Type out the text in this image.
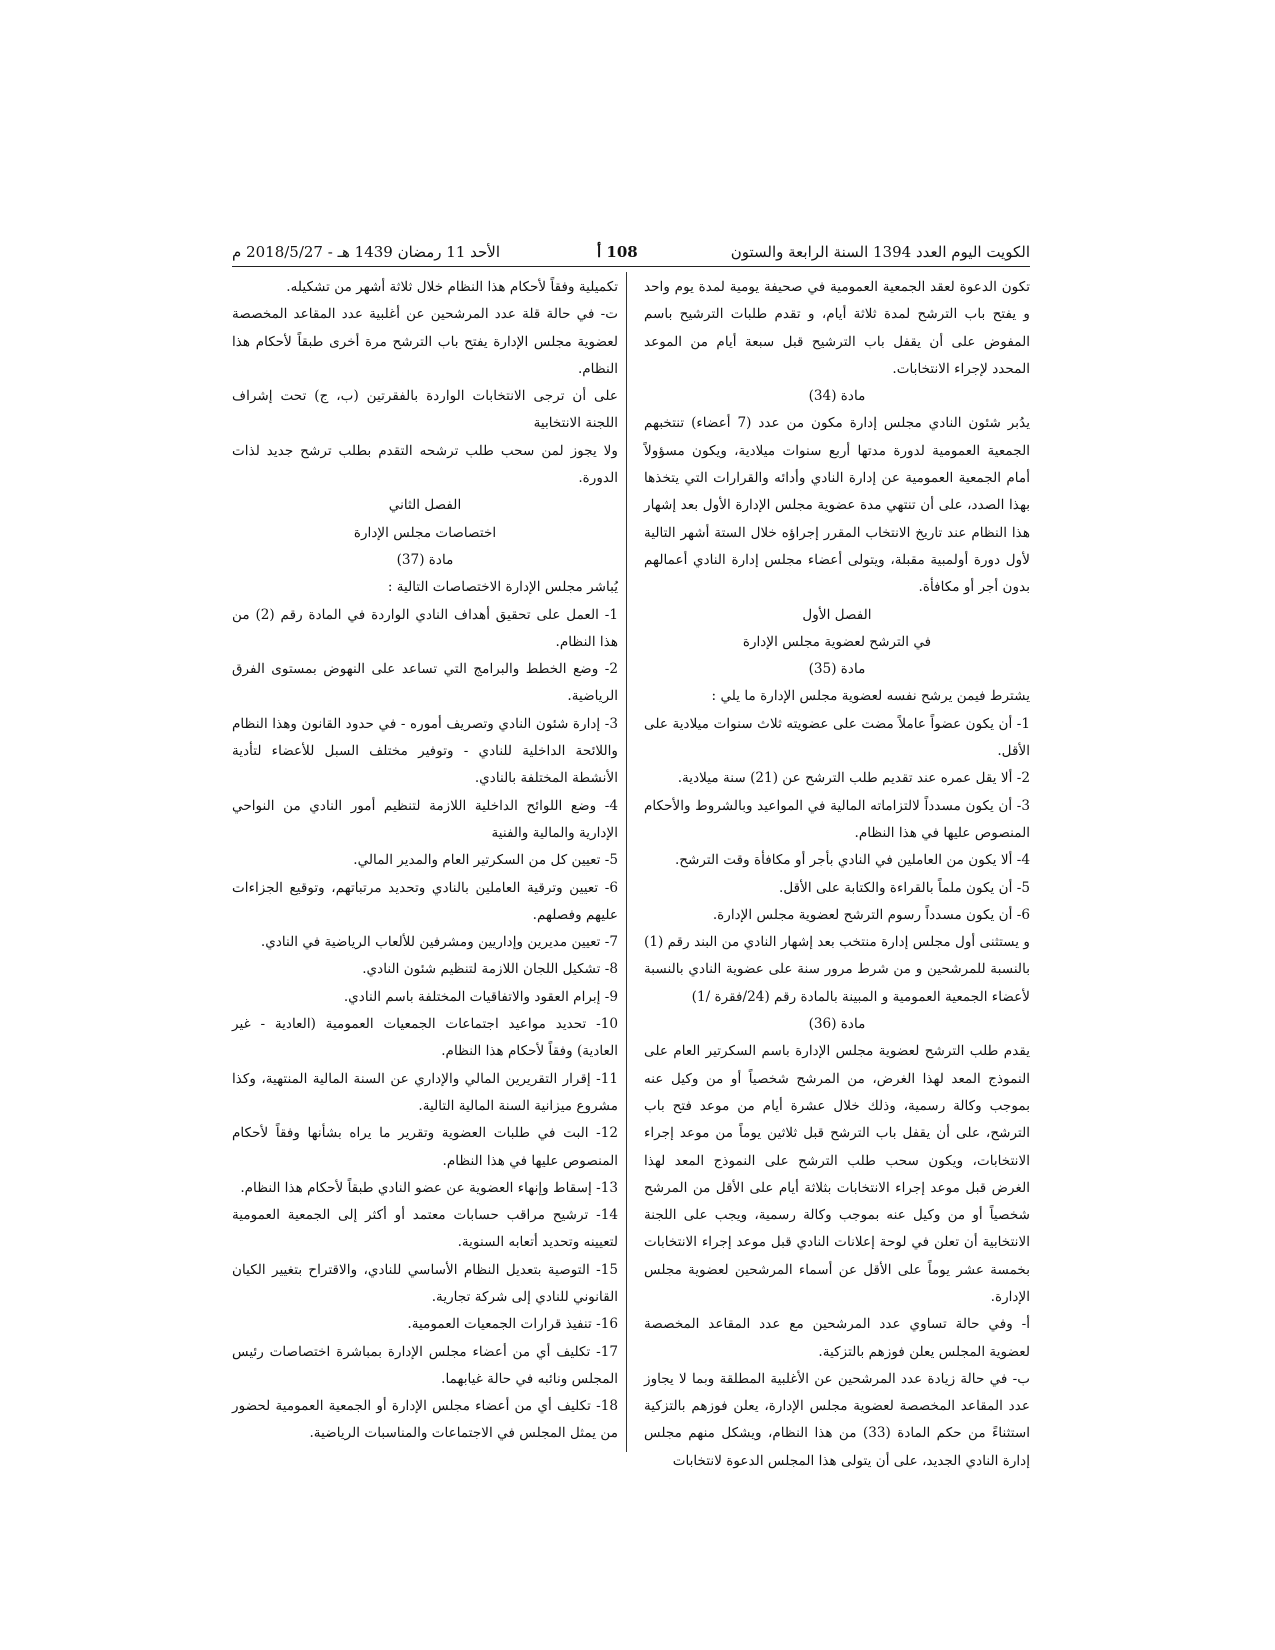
الكويت اليوم العدد 1394 السنة الرابعة والستون
108 أ
الأحد 11 رمضان 1439 هـ - 2018/5/27 م

تكون الدعوة لعقد الجمعية العمومية في صحيفة يومية لمدة يوم واحد و يفتح باب الترشح لمدة ثلاثة أيام، و تقدم طلبات الترشيح باسم المفوض على أن يقفل باب الترشيح قبل سبعة أيام من الموعد المحدد لإجراء الانتخابات.

مادة (34)

يدُبر شئون النادي مجلس إدارة مكون من عدد (7 أعضاء) تنتخبهم الجمعية العمومية لدورة مدتها أربع سنوات ميلادية، ويكون مسؤولاً أمام الجمعية العمومية عن إدارة النادي وأدائه والقرارات التي يتخذها بهذا الصدد، على أن تنتهي مدة عضوية مجلس الإدارة الأول بعد إشهار هذا النظام عند تاريخ الانتخاب المقرر إجراؤه خلال الستة أشهر التالية لأول دورة أولمبية مقبلة، ويتولى أعضاء مجلس إدارة النادي أعمالهم بدون أجر أو مكافأة.

الفصل الأول

في الترشح لعضوية مجلس الإدارة

مادة (35)

يشترط فيمن يرشح نفسه لعضوية مجلس الإدارة ما يلي :

1- أن يكون عضواً عاملاً مضت على عضويته ثلاث سنوات ميلادية على الأقل.

2- ألا يقل عمره عند تقديم طلب الترشح عن (21) سنة ميلادية.

3- أن يكون مسدداً لالتزاماته المالية في المواعيد وبالشروط والأحكام المنصوص عليها في هذا النظام.

4- ألا يكون من العاملين في النادي بأجر أو مكافأة وقت الترشح.

5- أن يكون ملماً بالقراءة والكتابة على الأقل.

6- أن يكون مسدداً رسوم الترشح لعضوية مجلس الإدارة.

و يستثنى أول مجلس إدارة منتخب بعد إشهار النادي من البند رقم (1) بالنسبة للمرشحين و من شرط مرور سنة على عضوية النادي بالنسبة لأعضاء الجمعية العمومية و المبينة بالمادة رقم (24/فقرة /1)

مادة (36)

يقدم طلب الترشح لعضوية مجلس الإدارة باسم السكرتير العام على النموذج المعد لهذا الغرض، من المرشح شخصياً أو من وكيل عنه بموجب وكالة رسمية، وذلك خلال عشرة أيام من موعد فتح باب الترشح، على أن يقفل باب الترشح قبل ثلاثين يوماً من موعد إجراء الانتخابات، ويكون سحب طلب الترشح على النموذج المعد لهذا الغرض قبل موعد إجراء الانتخابات بثلاثة أيام على الأقل من المرشح شخصياً أو من وكيل عنه بموجب وكالة رسمية، ويجب على اللجنة الانتخابية أن تعلن في لوحة إعلانات النادي قبل موعد إجراء الانتخابات بخمسة عشر يوماً على الأقل عن أسماء المرشحين لعضوية مجلس الإدارة.

أ- وفي حالة تساوي عدد المرشحين مع عدد المقاعد المخصصة لعضوية المجلس يعلن فوزهم بالتزكية.

ب- في حالة زيادة عدد المرشحين عن الأغلبية المطلقة وبما لا يجاوز عدد المقاعد المخصصة لعضوية مجلس الإدارة، يعلن فوزهم بالتزكية استثناءً من حكم المادة (33) من هذا النظام، ويشكل منهم مجلس إدارة النادي الجديد، على أن يتولى هذا المجلس الدعوة لانتخابات

تكميلية وفقاً لأحكام هذا النظام خلال ثلاثة أشهر من تشكيله.

ت- في حالة قلة عدد المرشحين عن أغلبية عدد المقاعد المخصصة لعضوية مجلس الإدارة يفتح باب الترشح مرة أخرى طبقاً لأحكام هذا النظام.

على أن ترجى الانتخابات الواردة بالفقرتين (ب، ج) تحت إشراف اللجنة الانتخابية

ولا يجوز لمن سحب طلب ترشحه التقدم بطلب ترشح جديد لذات الدورة.

الفصل الثاني

اختصاصات مجلس الإدارة

مادة (37)

يُباشر مجلس الإدارة الاختصاصات التالية :

1- العمل على تحقيق أهداف النادي الواردة في المادة رقم (2) من هذا النظام.

2- وضع الخطط والبرامج التي تساعد على النهوض بمستوى الفرق الرياضية.

3- إدارة شئون النادي وتصريف أموره - في حدود القانون وهذا النظام واللائحة الداخلية للنادي - وتوفير مختلف السبل للأعضاء لتأدية الأنشطة المختلفة بالنادي.

4- وضع اللوائح الداخلية اللازمة لتنظيم أمور النادي من النواحي الإدارية والمالية والفنية

5- تعيين كل من السكرتير العام والمدير المالي.

6- تعيين وترقية العاملين بالنادي وتحديد مرتباتهم، وتوقيع الجزاءات عليهم وفصلهم.

7- تعيين مديرين وإداريين ومشرفين للألعاب الرياضية في النادي.

8- تشكيل اللجان اللازمة لتنظيم شئون النادي.

9- إبرام العقود والاتفاقيات المختلفة باسم النادي.

10- تحديد مواعيد اجتماعات الجمعيات العمومية (العادية - غير العادية) وفقاً لأحكام هذا النظام.

11- إقرار التقريرين المالي والإداري عن السنة المالية المنتهية، وكذا مشروع ميزانية السنة المالية التالية.

12- البت في طلبات العضوية وتقرير ما يراه بشأنها وفقاً لأحكام المنصوص عليها في هذا النظام.

13- إسقاط وإنهاء العضوية عن عضو النادي طبقاً لأحكام هذا النظام.

14- ترشيح مراقب حسابات معتمد أو أكثر إلى الجمعية العمومية لتعيينه وتحديد أتعابه السنوية.

15- التوصية بتعديل النظام الأساسي للنادي، والاقتراح بتغيير الكيان القانوني للنادي إلى شركة تجارية.

16- تنفيذ قرارات الجمعيات العمومية.

17- تكليف أي من أعضاء مجلس الإدارة بمباشرة اختصاصات رئيس المجلس ونائبه في حالة غيابهما.

18- تكليف أي من أعضاء مجلس الإدارة أو الجمعية العمومية لحضور من يمثل المجلس في الاجتماعات والمناسبات الرياضية.
